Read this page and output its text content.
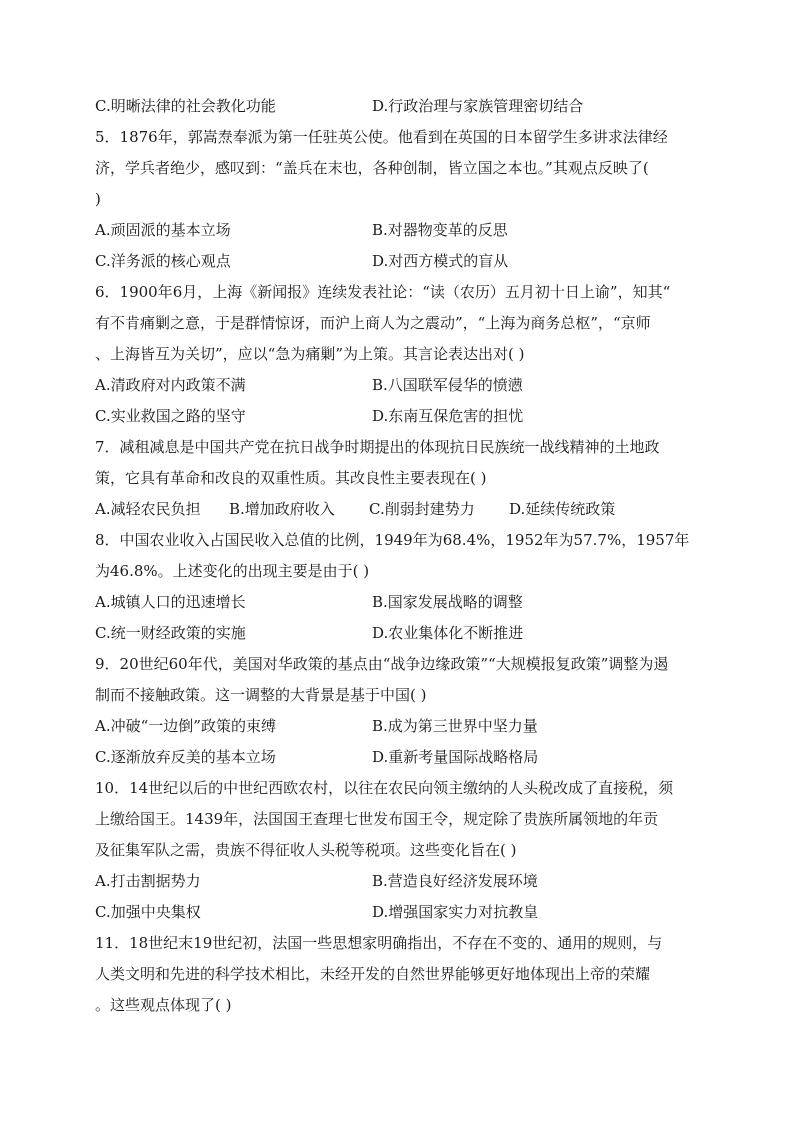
C.明晰法律的社会教化功能	D.行政治理与家族管理密切结合
5．1876年，郭嵩焘奉派为第一任驻英公使。他看到在英国的日本留学生多讲求法律经
济，学兵者绝少，感叹到：“盖兵在末也，各种创制，皆立国之本也。”其观点反映了(
)
A.顽固派的基本立场	B.对器物变革的反思
C.洋务派的核心观点	D.对西方模式的盲从
6．1900年6月，上海《新闻报》连续发表社论：“读（农历）五月初十日上谕”，知其“
有不肯痛剿之意，于是群情惊讶，而沪上商人为之震动”，“上海为商务总枢”，“京师
、上海皆互为关切”，应以“急为痛剿”为上策。其言论表达出对( )
A.清政府对内政策不满	B.八国联军侵华的愤懑
C.实业救国之路的坚守	D.东南互保危害的担忧
7．减租减息是中国共产党在抗日战争时期提出的体现抗日民族统一战线精神的土地政
策，它具有革命和改良的双重性质。其改良性主要表现在( )
A.减轻农民负担 B.增加政府收入 C.削弱封建势力 D.延续传统政策
8．中国农业收入占国民收入总值的比例，1949年为68.4%，1952年为57.7%，1957年
为46.8%。上述变化的出现主要是由于( )
A.城镇人口的迅速增长	B.国家发展战略的调整
C.统一财经政策的实施	D.农业集体化不断推进
9．20世纪60年代，美国对华政策的基点由“战争边缘政策”“大规模报复政策”调整为遏
制而不接触政策。这一调整的大背景是基于中国( )
A.冲破“一边倒”政策的束缚	B.成为第三世界中坚力量
C.逐渐放弃反美的基本立场	D.重新考量国际战略格局
10．14世纪以后的中世纪西欧农村，以往在农民向领主缴纳的人头税改成了直接税，须
上缴给国王。1439年，法国国王查理七世发布国王令，规定除了贵族所属领地的年贡
及征集军队之需，贵族不得征收人头税等税项。这些变化旨在( )
A.打击割据势力	B.营造良好经济发展环境
C.加强中央集权	D.增强国家实力对抗教皇
11．18世纪末19世纪初，法国一些思想家明确指出，不存在不变的、通用的规则，与
人类文明和先进的科学技术相比，未经开发的自然世界能够更好地体现出上帝的荣耀
。这些观点体现了( )
